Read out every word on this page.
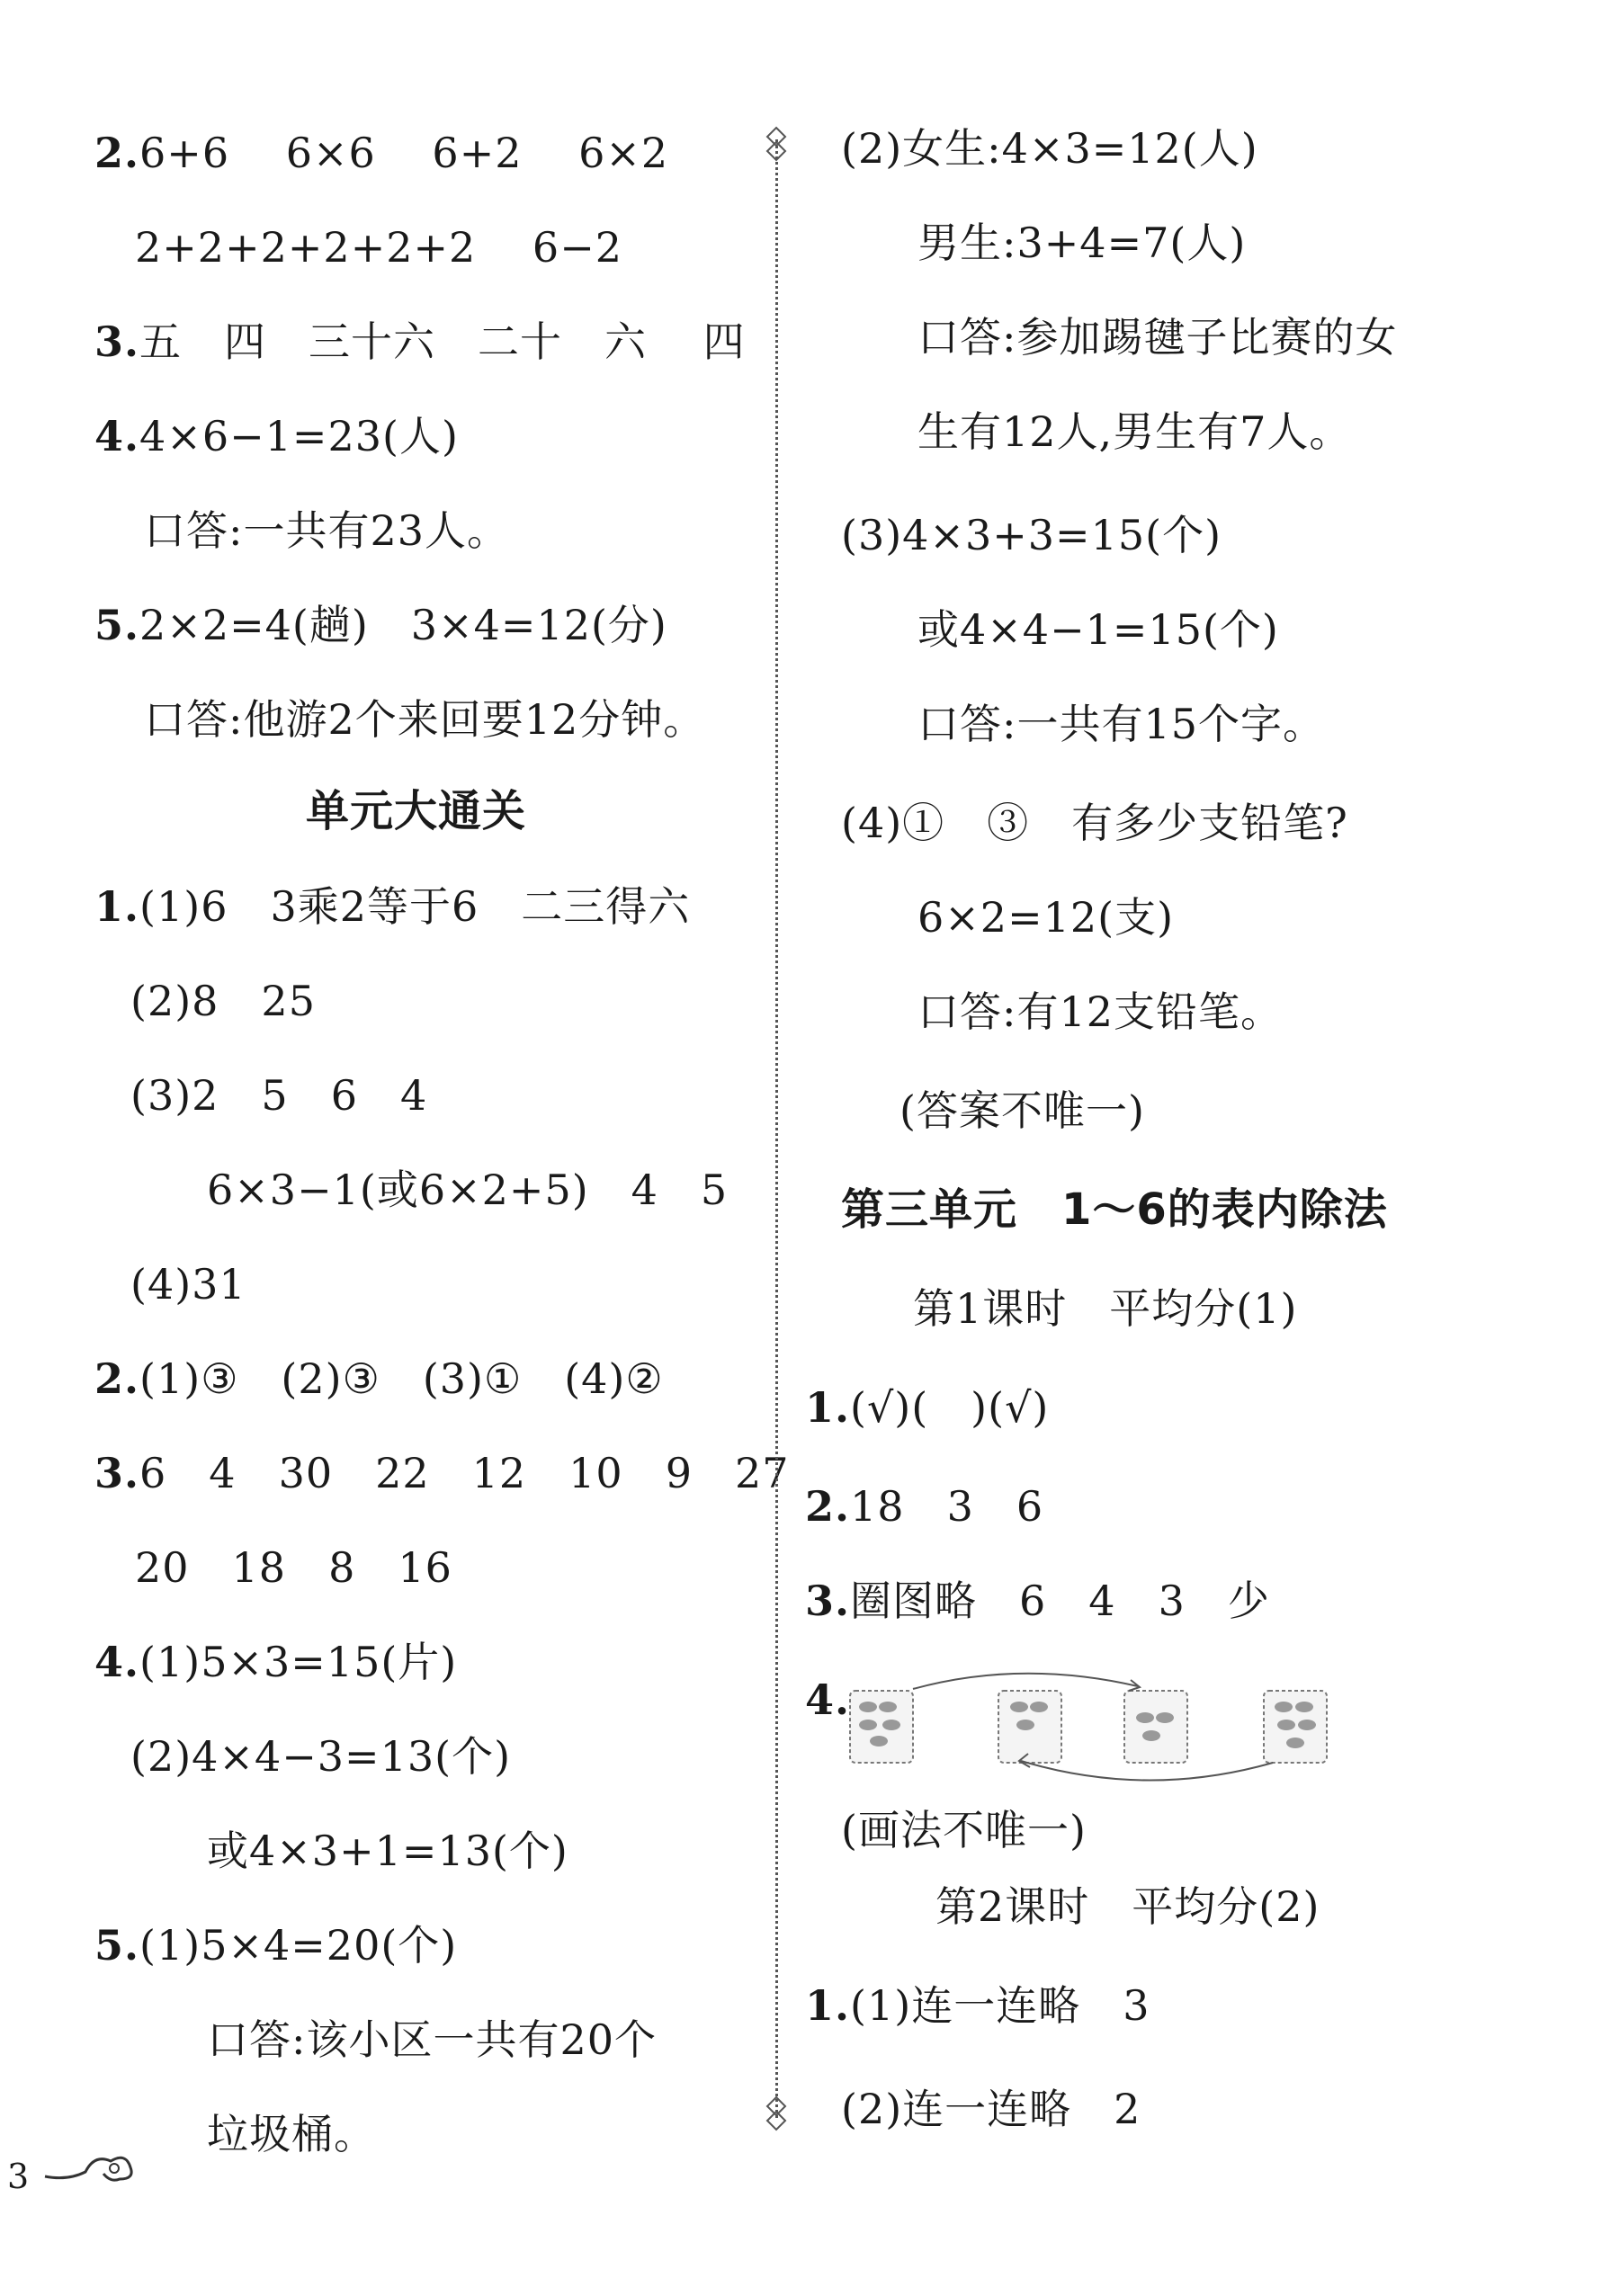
2.6+6　 6×6　 6+2　 6×2
2+2+2+2+2+2　 6−2
3.五　四　三十六　二十　六　 四
4.4×6−1=23(人)
口答:一共有23人。
5.2×2=4(趟)　3×4=12(分)
口答:他游2个来回要12分钟。
单元大通关
1.(1)6　3乘2等于6　二三得六
(2)8　25
(3)2　5　6　4
6×3−1(或6×2+5)　4　5
(4)31
2.(1)③　(2)③　(3)①　(4)②
3.6　4　30　22　12　10　9　27
20　18　8　16
4.(1)5×3=15(片)
(2)4×4−3=13(个)
或4×3+1=13(个)
5.(1)5×4=20(个)
口答:该小区一共有20个
垃圾桶。
(2)女生:4×3=12(人)
男生:3+4=7(人)
口答:参加踢毽子比赛的女
生有12人,男生有7人。
(3)4×3+3=15(个)
或4×4−1=15(个)
口答:一共有15个字。
(4)①　③　有多少支铅笔?
6×2=12(支)
口答:有12支铅笔。
(答案不唯一)
第三单元　1～6的表内除法
第1课时　平均分(1)
1.(√)(　)(√)
2.18　3　6
3.圈图略　6　4　3　少
4.
(画法不唯一)
第2课时　平均分(2)
1.(1)连一连略　3
(2)连一连略　2
3
